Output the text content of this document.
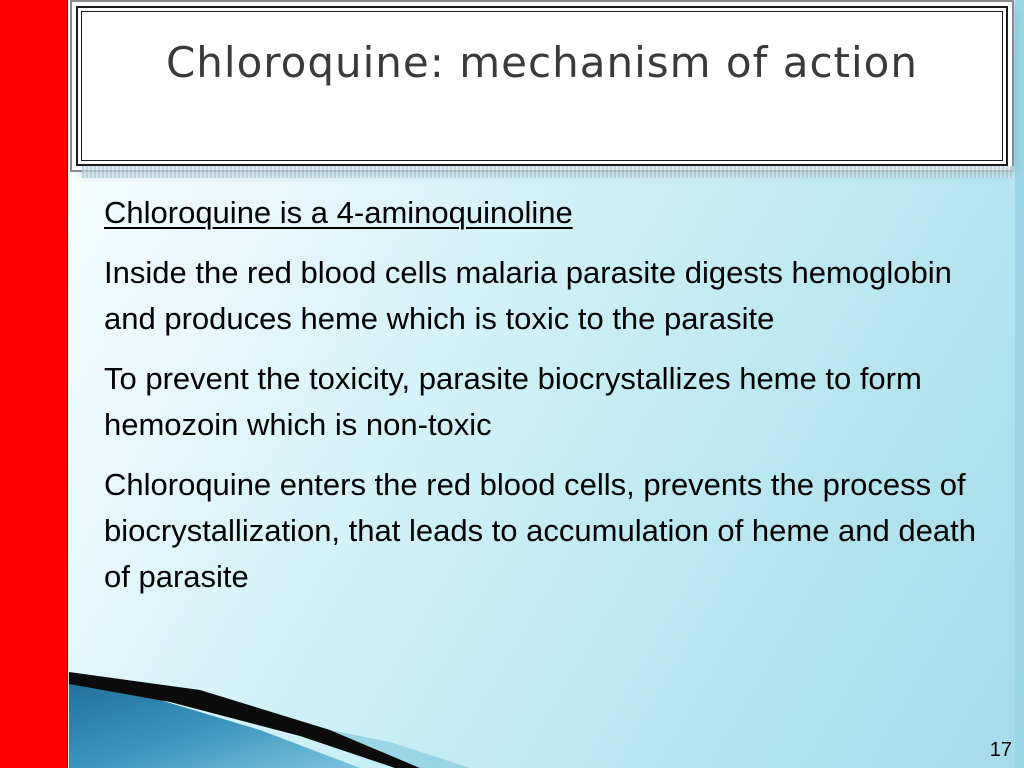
Chloroquine: mechanism of action

Chloroquine is a 4-aminoquinoline

Inside the red blood cells malaria parasite digests hemoglobin and produces heme which is toxic to the parasite

To prevent the toxicity, parasite biocrystallizes heme to form hemozoin which is non-toxic

Chloroquine enters the red blood cells, prevents the process of biocrystallization, that leads to accumulation of heme and death of parasite

17
